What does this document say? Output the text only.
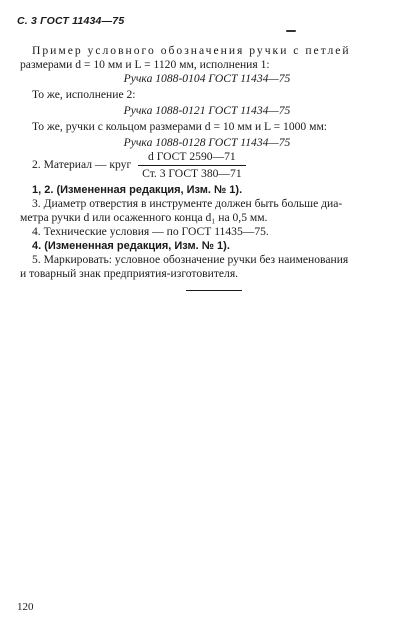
С. 3 ГОСТ 11434—75
Пример условного обозначения ручки с петлей
размерами d = 10 мм и L = 1120 мм, исполнения 1:
Ручка 1088-0104 ГОСТ 11434—75
То же, исполнение 2:
Ручка 1088-0121 ГОСТ 11434—75
То же, ручки с кольцом размерами d = 10 мм и L = 1000 мм:
Ручка 1088-0128 ГОСТ 11434—75
2. Материал — круг $\frac{\text{d ГОСТ 2590—71}}{\text{Ст. 3 ГОСТ 380—71}}$
1, 2. (Измененная редакция, Изм. № 1).
3. Диаметр отверстия в инструменте должен быть больше диа-
метра ручки d или осаженного конца d₁ на 0,5 мм.
4. Технические условия — по ГОСТ 11435—75.
4. (Измененная редакция, Изм. № 1).
5. Маркировать: условное обозначение ручки без наименования
и товарный знак предприятия-изготовителя.
120
